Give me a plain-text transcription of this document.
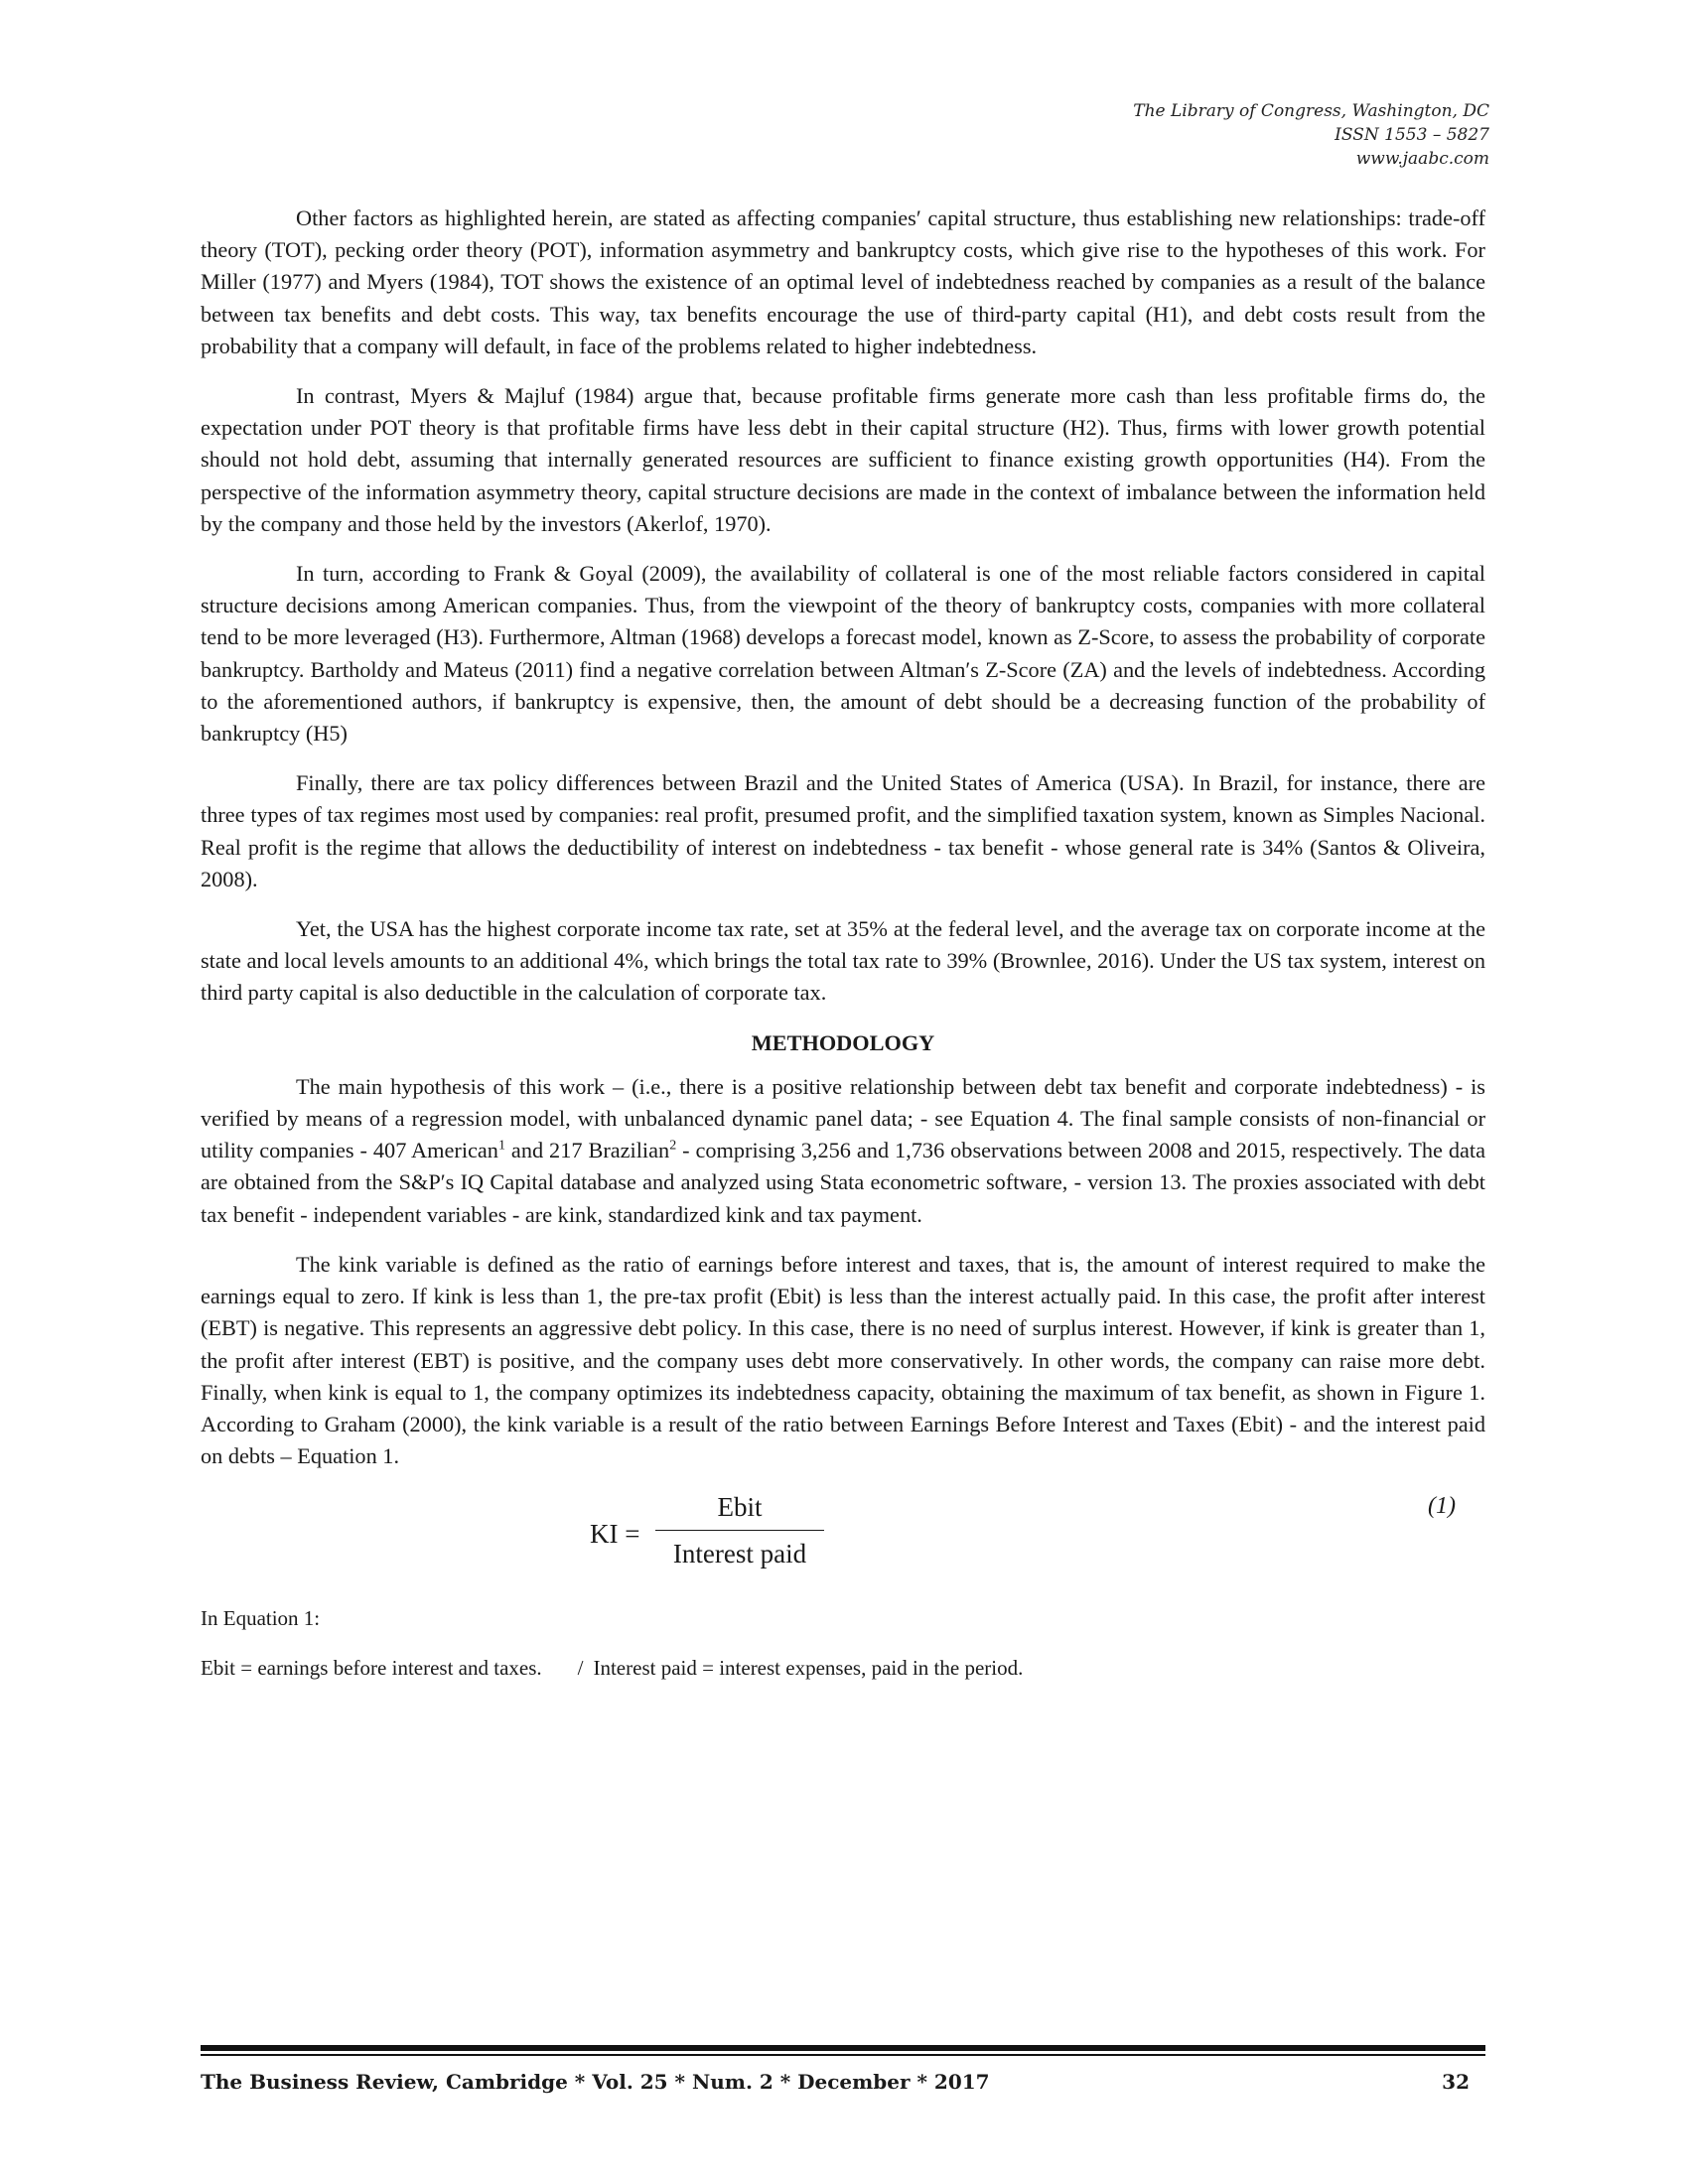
The Library of Congress, Washington, DC
ISSN 1553 – 5827
www.jaabc.com

Other factors as highlighted herein, are stated as affecting companies′ capital structure, thus establishing new relationships: trade-off theory (TOT), pecking order theory (POT), information asymmetry and bankruptcy costs, which give rise to the hypotheses of this work. For Miller (1977) and Myers (1984), TOT shows the existence of an optimal level of indebtedness reached by companies as a result of the balance between tax benefits and debt costs. This way, tax benefits encourage the use of third-party capital (H1), and debt costs result from the probability that a company will default, in face of the problems related to higher indebtedness.

In contrast, Myers & Majluf (1984) argue that, because profitable firms generate more cash than less profitable firms do, the expectation under POT theory is that profitable firms have less debt in their capital structure (H2). Thus, firms with lower growth potential should not hold debt, assuming that internally generated resources are sufficient to finance existing growth opportunities (H4). From the perspective of the information asymmetry theory, capital structure decisions are made in the context of imbalance between the information held by the company and those held by the investors (Akerlof, 1970).

In turn, according to Frank & Goyal (2009), the availability of collateral is one of the most reliable factors considered in capital structure decisions among American companies. Thus, from the viewpoint of the theory of bankruptcy costs, companies with more collateral tend to be more leveraged (H3). Furthermore, Altman (1968) develops a forecast model, known as Z-Score, to assess the probability of corporate bankruptcy. Bartholdy and Mateus (2011) find a negative correlation between Altman′s Z-Score (ZA) and the levels of indebtedness. According to the aforementioned authors, if bankruptcy is expensive, then, the amount of debt should be a decreasing function of the probability of bankruptcy (H5)

Finally, there are tax policy differences between Brazil and the United States of America (USA). In Brazil, for instance, there are three types of tax regimes most used by companies: real profit, presumed profit, and the simplified taxation system, known as Simples Nacional. Real profit is the regime that allows the deductibility of interest on indebtedness - tax benefit - whose general rate is 34% (Santos & Oliveira, 2008).

Yet, the USA has the highest corporate income tax rate, set at 35% at the federal level, and the average tax on corporate income at the state and local levels amounts to an additional 4%, which brings the total tax rate to 39% (Brownlee, 2016). Under the US tax system, interest on third party capital is also deductible in the calculation of corporate tax.

METHODOLOGY

The main hypothesis of this work – (i.e., there is a positive relationship between debt tax benefit and corporate indebtedness) - is verified by means of a regression model, with unbalanced dynamic panel data; - see Equation 4. The final sample consists of non-financial or utility companies - 407 American$^1$ and 217 Brazilian$^2$ - comprising 3,256 and 1,736 observations between 2008 and 2015, respectively. The data are obtained from the S&P′s IQ Capital database and analyzed using Stata econometric software, - version 13. The proxies associated with debt tax benefit - independent variables - are kink, standardized kink and tax payment.

The kink variable is defined as the ratio of earnings before interest and taxes, that is, the amount of interest required to make the earnings equal to zero. If kink is less than 1, the pre-tax profit (Ebit) is less than the interest actually paid. In this case, the profit after interest (EBT) is negative. This represents an aggressive debt policy. In this case, there is no need of surplus interest. However, if kink is greater than 1, the profit after interest (EBT) is positive, and the company uses debt more conservatively. In other words, the company can raise more debt. Finally, when kink is equal to 1, the company optimizes its indebtedness capacity, obtaining the maximum of tax benefit, as shown in Figure 1. According to Graham (2000), the kink variable is a result of the ratio between Earnings Before Interest and Taxes (Ebit) - and the interest paid on debts – Equation 1.

KI =
Ebit
Interest paid
(1)
In Equation 1:
Ebit = earnings before interest and taxes. / Interest paid = interest expenses, paid in the period.
The Business Review, Cambridge * Vol. 25 * Num. 2 * December * 2017	32
